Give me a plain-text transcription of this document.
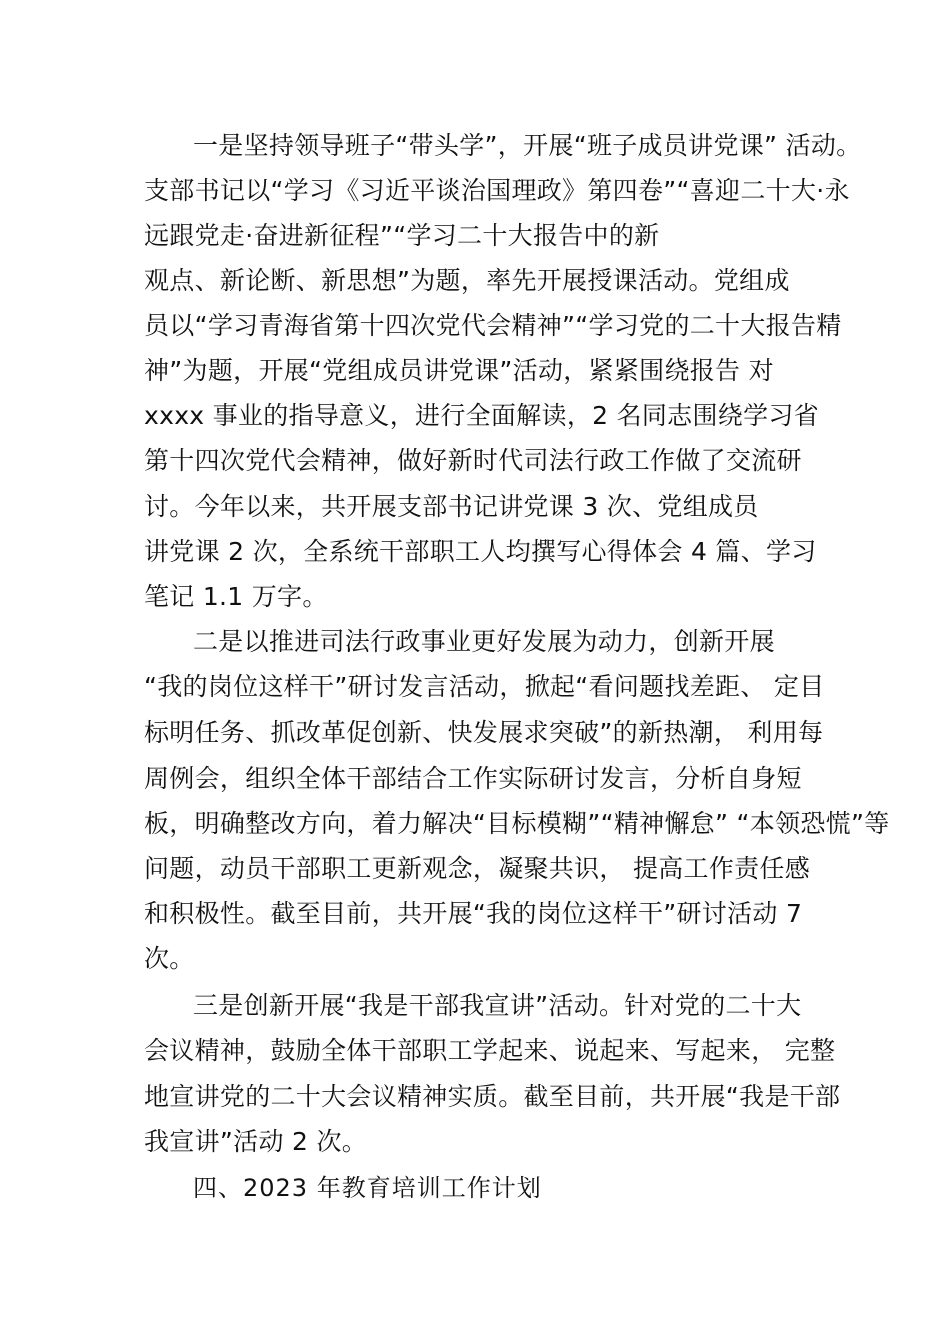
一是坚持领导班子“带头学”，开展“班子成员讲党课” 活动。
支部书记以“学习《习近平谈治国理政》第四卷”“喜迎二十大·永
远跟党走·奋进新征程”“学习二十大报告中的新
观点、新论断、新思想”为题，率先开展授课活动。党组成
员以“学习青海省第十四次党代会精神”“学习党的二十大报告精
神”为题，开展“党组成员讲党课”活动，紧紧围绕报告 对
xxxx 事业的指导意义，进行全面解读，2 名同志围绕学习省
第十四次党代会精神，做好新时代司法行政工作做了交流研
讨。今年以来，共开展支部书记讲党课 3 次、党组成员
讲党课 2 次，全系统干部职工人均撰写心得体会 4 篇、学习
笔记 1.1 万字。
二是以推进司法行政事业更好发展为动力，创新开展
“我的岗位这样干”研讨发言活动，掀起“看问题找差距、 定目
标明任务、抓改革促创新、快发展求突破”的新热潮， 利用每
周例会，组织全体干部结合工作实际研讨发言，分析自身短
板，明确整改方向，着力解决“目标模糊”“精神懈怠” “本领恐慌”等
问题，动员干部职工更新观念，凝聚共识， 提高工作责任感
和积极性。截至目前，共开展“我的岗位这样干”研讨活动 7
次。
三是创新开展“我是干部我宣讲”活动。针对党的二十大
会议精神，鼓励全体干部职工学起来、说起来、写起来， 完整
地宣讲党的二十大会议精神实质。截至目前，共开展“我是干部
我宣讲”活动 2 次。
四、2023 年教育培训工作计划
